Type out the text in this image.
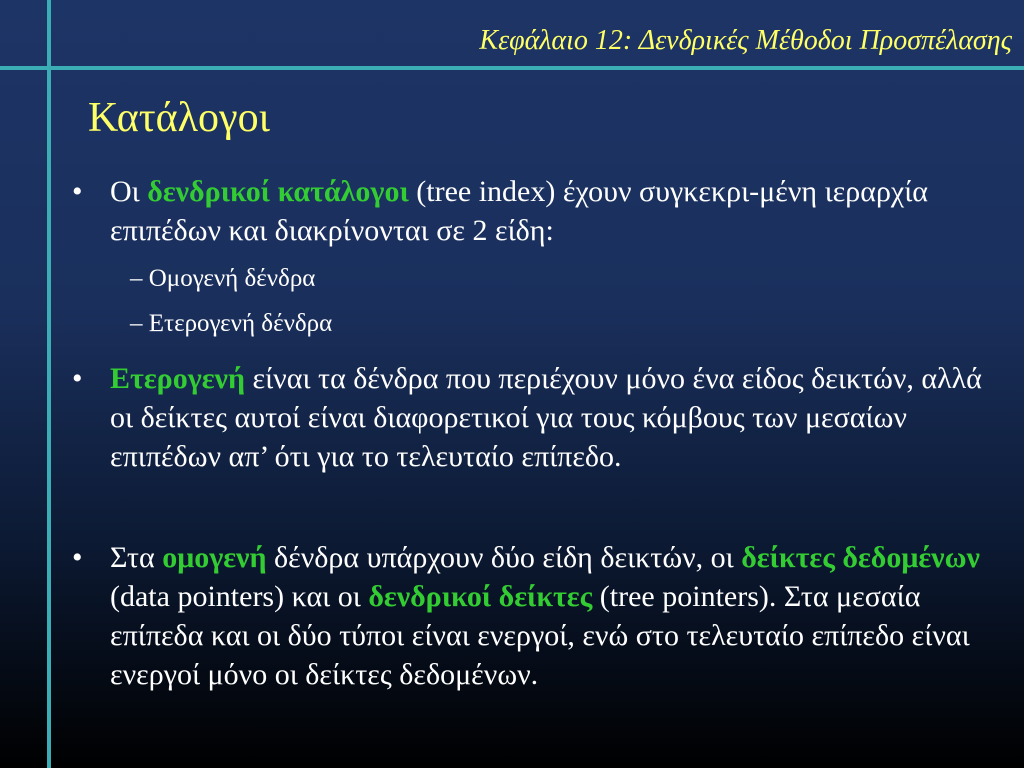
Κεφάλαιο 12: Δενδρικές Μέθοδοι Προσπέλασης
Κατάλογοι
• Οι δενδρικοί κατάλογοι (tree index) έχουν συγκεκρι-μένη ιεραρχία επιπέδων και διακρίνονται σε 2 είδη:
– Ομογενή δένδρα
– Ετερογενή δένδρα
• Ετερογενή είναι τα δένδρα που περιέχουν μόνο ένα είδος δεικτών, αλλά οι δείκτες αυτοί είναι διαφορετικοί για τους κόμβους των μεσαίων επιπέδων απ’ ότι για το τελευταίο επίπεδο.
• Στα ομογενή δένδρα υπάρχουν δύο είδη δεικτών, οι δείκτες δεδομένων (data pointers) και οι δενδρικοί δείκτες (tree pointers). Στα μεσαία επίπεδα και οι δύο τύποι είναι ενεργοί, ενώ στο τελευταίο επίπεδο είναι ενεργοί μόνο οι δείκτες δεδομένων.
